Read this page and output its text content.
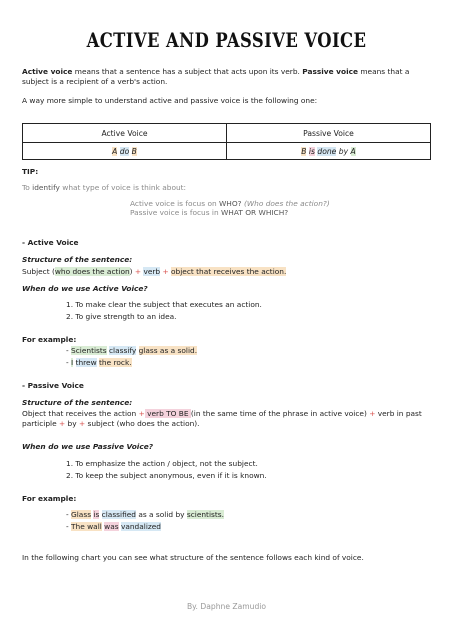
ACTIVE AND PASSIVE VOICE
Active voice means that a sentence has a subject that acts upon its verb. Passive voice means that a subject is a recipient of a verb's action.
A way more simple to understand active and passive voice is the following one:
Active Voice	Passive Voice
A do B	B is done by A
TIP:
To identify what type of voice is think about:
Active voice is focus on WHO? (Who does the action?)
Passive voice is focus in WHAT OR WHICH?
- Active Voice
Structure of the sentence:
Subject (who does the action) + verb + object that receives the action.
When do we use Active Voice?
1. To make clear the subject that executes an action.
2. To give strength to an idea.
For example:
- Scientists classify glass as a solid.
- I threw the rock.
- Passive Voice
Structure of the sentence:
Object that receives the action + verb TO BE (in the same time of the phrase in active voice) + verb in past participle + by + subject (who does the action).
When do we use Passive Voice?
1. To emphasize the action / object, not the subject.
2. To keep the subject anonymous, even if it is known.
For example:
- Glass is classified as a solid by scientists.
- The wall was vandalized
In the following chart you can see what structure of the sentence follows each kind of voice.
By. Daphne Zamudio
